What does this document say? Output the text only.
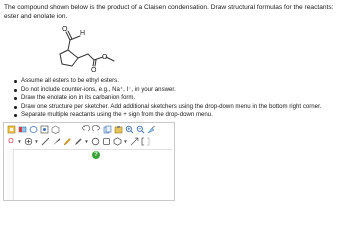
The compound shown below is the product of a Claisen condensation. Draw structural formulas for the reactants: ester and enolate ion.
H
O
O
O
Assume all esters to be ethyl esters.
Do not include counter-ions, e.g., Na⁺, I⁻, in your answer.
Draw the enolate ion in its carbanion form.
Draw one structure per sketcher. Add additional sketchers using the drop-down menu in the bottom right corner.
Separate multiple reactants using the + sign from the drop-down menu.
O ▼	▼	▼	▼
?
